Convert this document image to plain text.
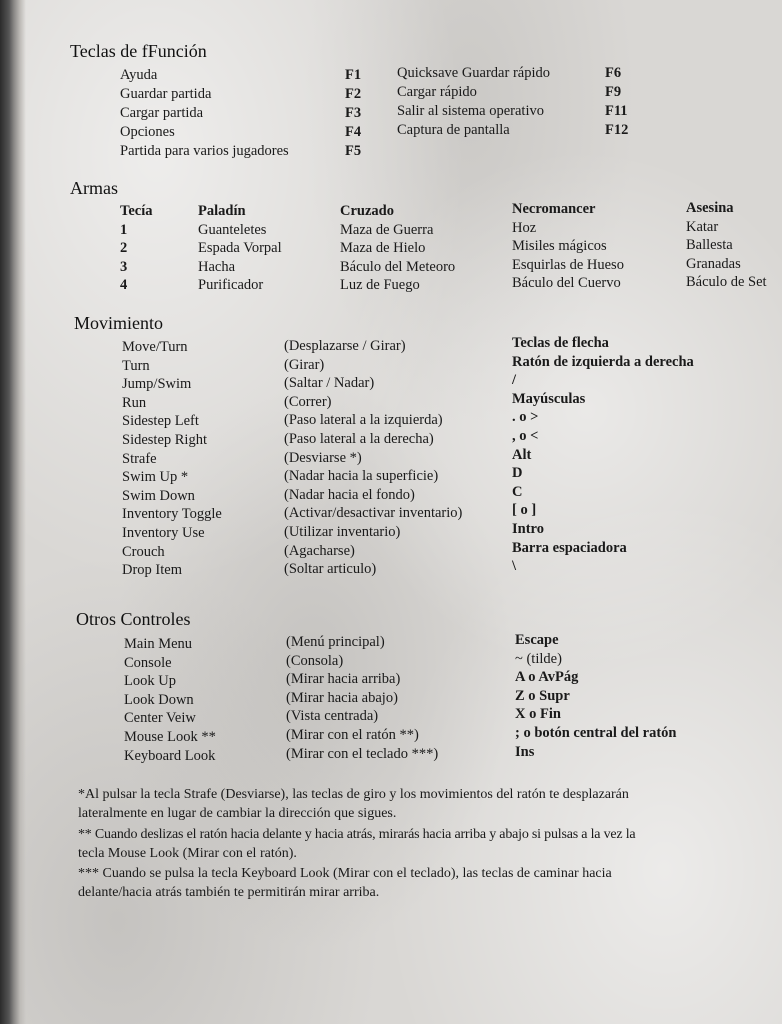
Teclas de fFunción
Ayuda
Guardar partida
Cargar partida
Opciones
Partida para varios jugadores
F1
F2
F3
F4
F5
Quicksave Guardar rápido
Cargar rápido
Salir al sistema operativo
Captura de pantalla
F6
F9
F11
F12
Armas
Tecía
1
2
3
4
Paladín
Guanteletes
Espada Vorpal
Hacha
Purificador
Cruzado
Maza de Guerra
Maza de Hielo
Báculo del Meteoro
Luz de Fuego
Necromancer
Hoz
Misiles mágicos
Esquirlas de Hueso
Báculo del Cuervo
Asesina
Katar
Ballesta
Granadas
Báculo de Set
Movimiento
Move/Turn
Turn
Jump/Swim
Run
Sidestep Left
Sidestep Right
Strafe
Swim Up *
Swim Down
Inventory Toggle
Inventory Use
Crouch
Drop Item
(Desplazarse / Girar)
(Girar)
(Saltar / Nadar)
(Correr)
(Paso lateral a la izquierda)
(Paso lateral a la derecha)
(Desviarse *)
(Nadar hacia la superficie)
(Nadar hacia el fondo)
(Activar/desactivar inventario)
(Utilizar inventario)
(Agacharse)
(Soltar articulo)
Teclas de flecha
Ratón de izquierda a derecha
/
Mayúsculas
. o >
, o <
Alt
D
C
[ o ]
Intro
Barra espaciadora
\
Otros Controles
Main Menu
Console
Look Up
Look Down
Center Veiw
Mouse Look **
Keyboard Look
(Menú principal)
(Consola)
(Mirar hacia arriba)
(Mirar hacia abajo)
(Vista centrada)
(Mirar con el ratón **)
(Mirar con el teclado ***)
Escape
~ (tilde)
A o AvPág
Z o Supr
X o Fin
; o botón central del ratón
Ins
*Al pulsar la tecla Strafe (Desviarse), las teclas de giro y los movimientos del ratón te desplazarán
lateralmente en lugar de cambiar la dirección que sigues.
** Cuando deslizas el ratón hacia delante y hacia atrás, mirarás hacia arriba y abajo si pulsas a la vez la
tecla Mouse Look (Mirar con el ratón).
*** Cuando se pulsa la tecla Keyboard Look (Mirar con el teclado), las teclas de caminar hacia
delante/hacia atrás también te permitirán mirar arriba.
